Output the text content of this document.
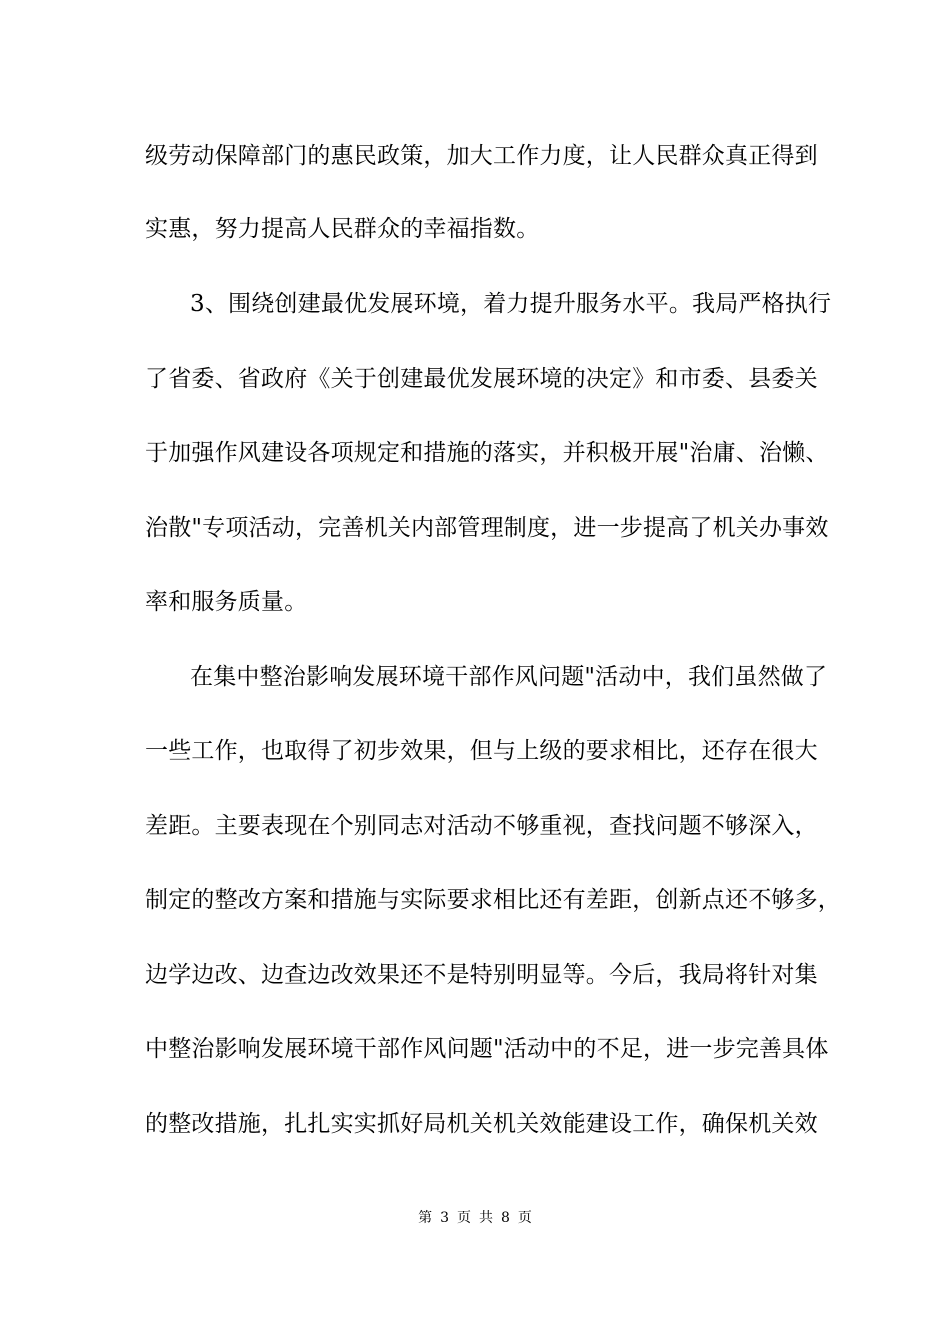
级劳动保障部门的惠民政策，加大工作力度，让人民群众真正得到
实惠，努力提高人民群众的幸福指数。
3、围绕创建最优发展环境，着力提升服务水平。我局严格执行
了省委、省政府《关于创建最优发展环境的决定》和市委、县委关
于加强作风建设各项规定和措施的落实，并积极开展"治庸、治懒、
治散"专项活动，完善机关内部管理制度，进一步提高了机关办事效
率和服务质量。
在集中整治影响发展环境干部作风问题"活动中，我们虽然做了
一些工作，也取得了初步效果，但与上级的要求相比，还存在很大
差距。主要表现在个别同志对活动不够重视，查找问题不够深入，
制定的整改方案和措施与实际要求相比还有差距，创新点还不够多，
边学边改、边查边改效果还不是特别明显等。今后，我局将针对集
中整治影响发展环境干部作风问题"活动中的不足，进一步完善具体
的整改措施，扎扎实实抓好局机关机关效能建设工作，确保机关效
第 3 页 共 8 页
